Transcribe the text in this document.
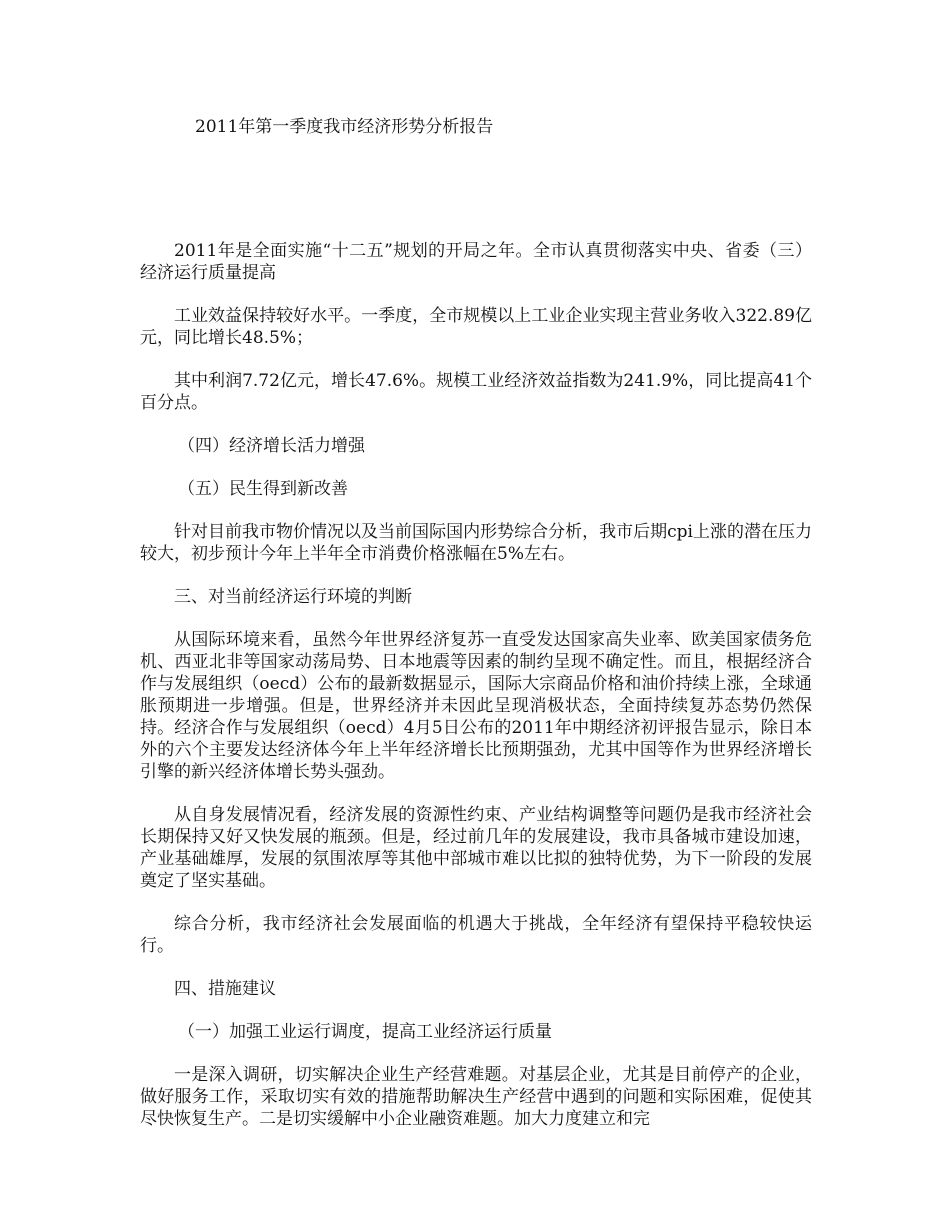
2011年第一季度我市经济形势分析报告

2011年是全面实施“十二五”规划的开局之年。全市认真贯彻落实中央、省委（三）经济运行质量提高

工业效益保持较好水平。一季度，全市规模以上工业企业实现主营业务收入322.89亿元，同比增长48.5%；

其中利润7.72亿元，增长47.6%。规模工业经济效益指数为241.9%，同比提高41个百分点。

（四）经济增长活力增强

（五）民生得到新改善

针对目前我市物价情况以及当前国际国内形势综合分析，我市后期cpi上涨的潜在压力较大，初步预计今年上半年全市消费价格涨幅在5%左右。

三、对当前经济运行环境的判断

从国际环境来看，虽然今年世界经济复苏一直受发达国家高失业率、欧美国家债务危机、西亚北非等国家动荡局势、日本地震等因素的制约呈现不确定性。而且，根据经济合作与发展组织（oecd）公布的最新数据显示，国际大宗商品价格和油价持续上涨，全球通胀预期进一步增强。但是，世界经济并未因此呈现消极状态，全面持续复苏态势仍然保持。经济合作与发展组织（oecd）4月5日公布的2011年中期经济初评报告显示，除日本外的六个主要发达经济体今年上半年经济增长比预期强劲，尤其中国等作为世界经济增长引擎的新兴经济体增长势头强劲。

从自身发展情况看，经济发展的资源性约束、产业结构调整等问题仍是我市经济社会长期保持又好又快发展的瓶颈。但是，经过前几年的发展建设，我市具备城市建设加速，产业基础雄厚，发展的氛围浓厚等其他中部城市难以比拟的独特优势，为下一阶段的发展奠定了坚实基础。

综合分析，我市经济社会发展面临的机遇大于挑战，全年经济有望保持平稳较快运行。

四、措施建议

（一）加强工业运行调度，提高工业经济运行质量

一是深入调研，切实解决企业生产经营难题。对基层企业，尤其是目前停产的企业，做好服务工作，采取切实有效的措施帮助解决生产经营中遇到的问题和实际困难，促使其尽快恢复生产。二是切实缓解中小企业融资难题。加大力度建立和完
